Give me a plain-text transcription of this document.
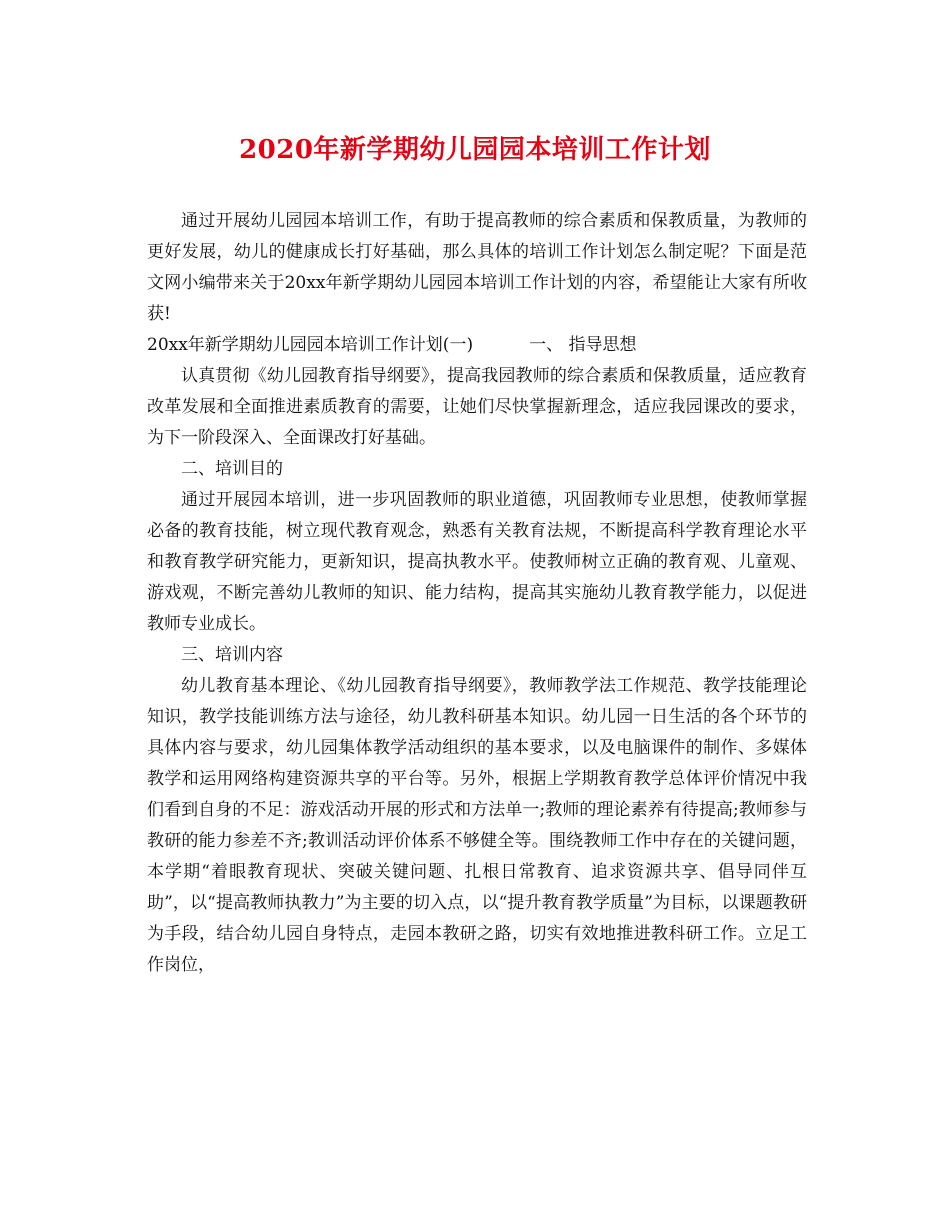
2020年新学期幼儿园园本培训工作计划

通过开展幼儿园园本培训工作，有助于提高教师的综合素质和保教质量，为教师的更好发展，幼儿的健康成长打好基础，那么具体的培训工作计划怎么制定呢？下面是范文网小编带来关于20xx年新学期幼儿园园本培训工作计划的内容，希望能让大家有所收获!

20xx年新学期幼儿园园本培训工作计划(一)	一、 指导思想

认真贯彻《幼儿园教育指导纲要》，提高我园教师的综合素质和保教质量，适应教育改革发展和全面推进素质教育的需要，让她们尽快掌握新理念，适应我园课改的要求，为下一阶段深入、全面课改打好基础。

二、培训目的

通过开展园本培训，进一步巩固教师的职业道德，巩固教师专业思想，使教师掌握必备的教育技能，树立现代教育观念，熟悉有关教育法规，不断提高科学教育理论水平和教育教学研究能力，更新知识，提高执教水平。使教师树立正确的教育观、儿童观、游戏观，不断完善幼儿教师的知识、能力结构，提高其实施幼儿教育教学能力，以促进教师专业成长。

三、培训内容

幼儿教育基本理论、《幼儿园教育指导纲要》，教师教学法工作规范、教学技能理论知识，教学技能训练方法与途径，幼儿教科研基本知识。幼儿园一日生活的各个环节的具体内容与要求，幼儿园集体教学活动组织的基本要求，以及电脑课件的制作、多媒体教学和运用网络构建资源共享的平台等。另外，根据上学期教育教学总体评价情况中我们看到自身的不足：游戏活动开展的形式和方法单一;教师的理论素养有待提高;教师参与教研的能力参差不齐;教训活动评价体系不够健全等。围绕教师工作中存在的关键问题，本学期“着眼教育现状、突破关键问题、扎根日常教育、追求资源共享、倡导同伴互助”，以“提高教师执教力”为主要的切入点，以“提升教育教学质量”为目标，以课题教研为手段，结合幼儿园自身特点，走园本教研之路，切实有效地推进教科研工作。立足工作岗位，
